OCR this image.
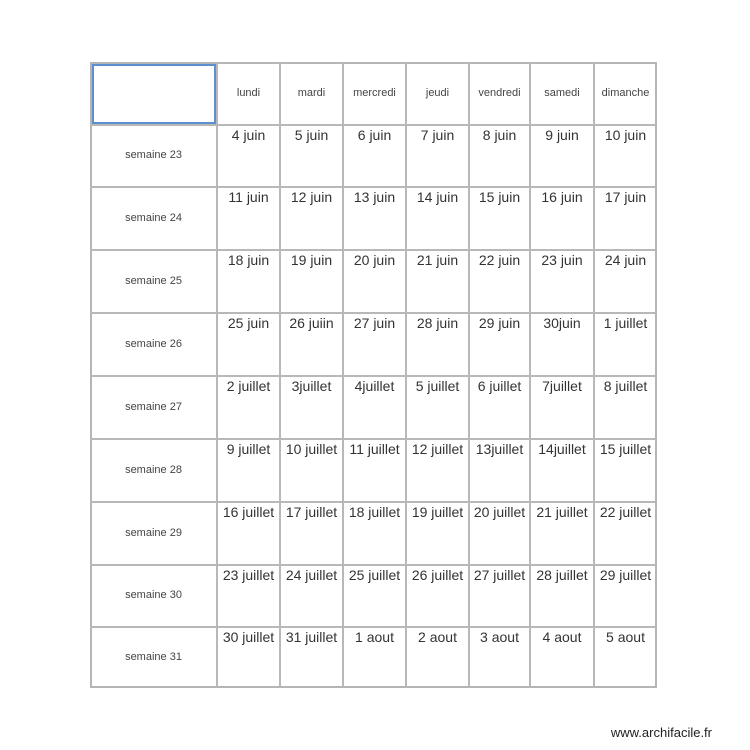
www.archifacile.fr
lundi	mardi	mercredi	jeudi	vendredi	samedi	dimanche
semaine 23
4 juin	5 juin	6 juin	7 juin	8 juin	9 juin	10 juin
semaine 24
11 juin	12 juin	13 juin	14 juin	15 juin	16 juin	17 juin
semaine 25
18 juin	19 juin	20 juin	21 juin	22 juin	23 juin	24 juin
semaine 26
25 juin	26 juiin	27 juin	28 juin	29 juin	30juin	1 juillet
semaine 27
2 juillet	3juillet	4juillet	5 juillet	6 juillet	7juillet	8 juillet
semaine 28
9 juillet	10 juillet 11 juillet 12 juillet 13juillet	14juillet	15 juillet
semaine 29
16 juillet 17 juillet 18 juillet 19 juillet 20 juillet 21 juillet 22 juillet
semaine 30
23 juillet 24 juillet 25 juillet 26 juillet 27 juillet 28 juillet 29 juillet
semaine 31
30 juillet 31 juillet	1 aout	2 aout	3 aout	4 aout	5 aout
